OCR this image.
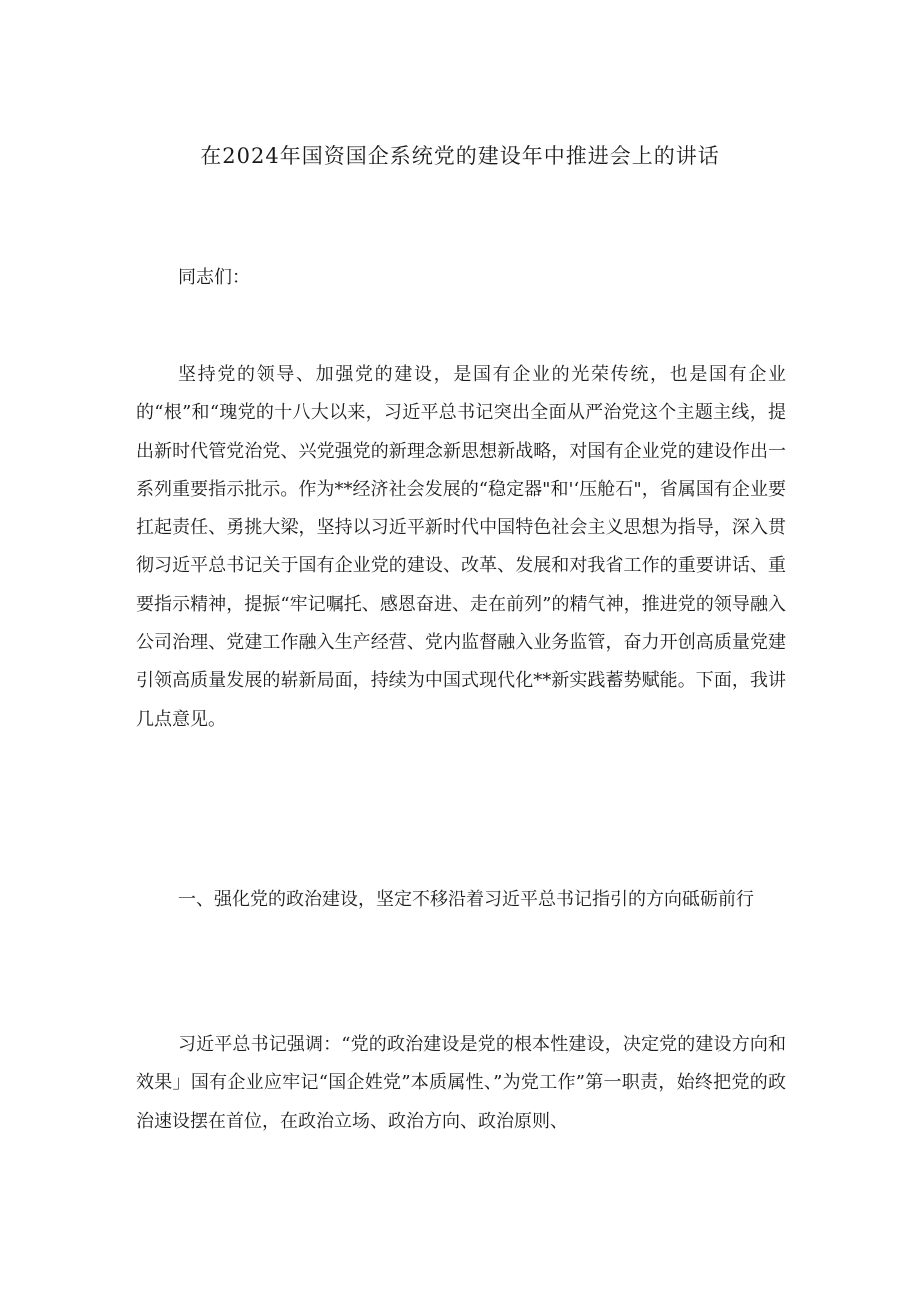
在2024年国资国企系统党的建设年中推进会上的讲话
同志们：

坚持党的领导、加强党的建设，是国有企业的光荣传统，也是国有企业的“根”和“瑰党的十八大以来，习近平总书记突出全面从严治党这个主题主线，提出新时代管党治党、兴党强党的新理念新思想新战略，对国有企业党的建设作出一系列重要指示批示。作为**经济社会发展的“稳定器"和'‘压舱石"，省属国有企业要扛起责任、勇挑大梁，坚持以习近平新时代中国特色社会主义思想为指导，深入贯彻习近平总书记关于国有企业党的建设、改革、发展和对我省工作的重要讲话、重要指示精神，提振“牢记嘱托、感恩奋进、走在前列”的精气神，推进党的领导融入公司治理、党建工作融入生产经营、党内监督融入业务监管，奋力开创高质量党建引领高质量发展的崭新局面，持续为中国式现代化**新实践蓄势赋能。下面，我讲几点意见。

一、强化党的政治建设，坚定不移沿着习近平总书记指引的方向砥砺前行

习近平总书记强调：“党的政治建设是党的根本性建设，决定党的建设方向和效果」国有企业应牢记“国企姓党”本质属性、”为党工作”第一职责，始终把党的政治速设摆在首位，在政治立场、政治方向、政治原则、
